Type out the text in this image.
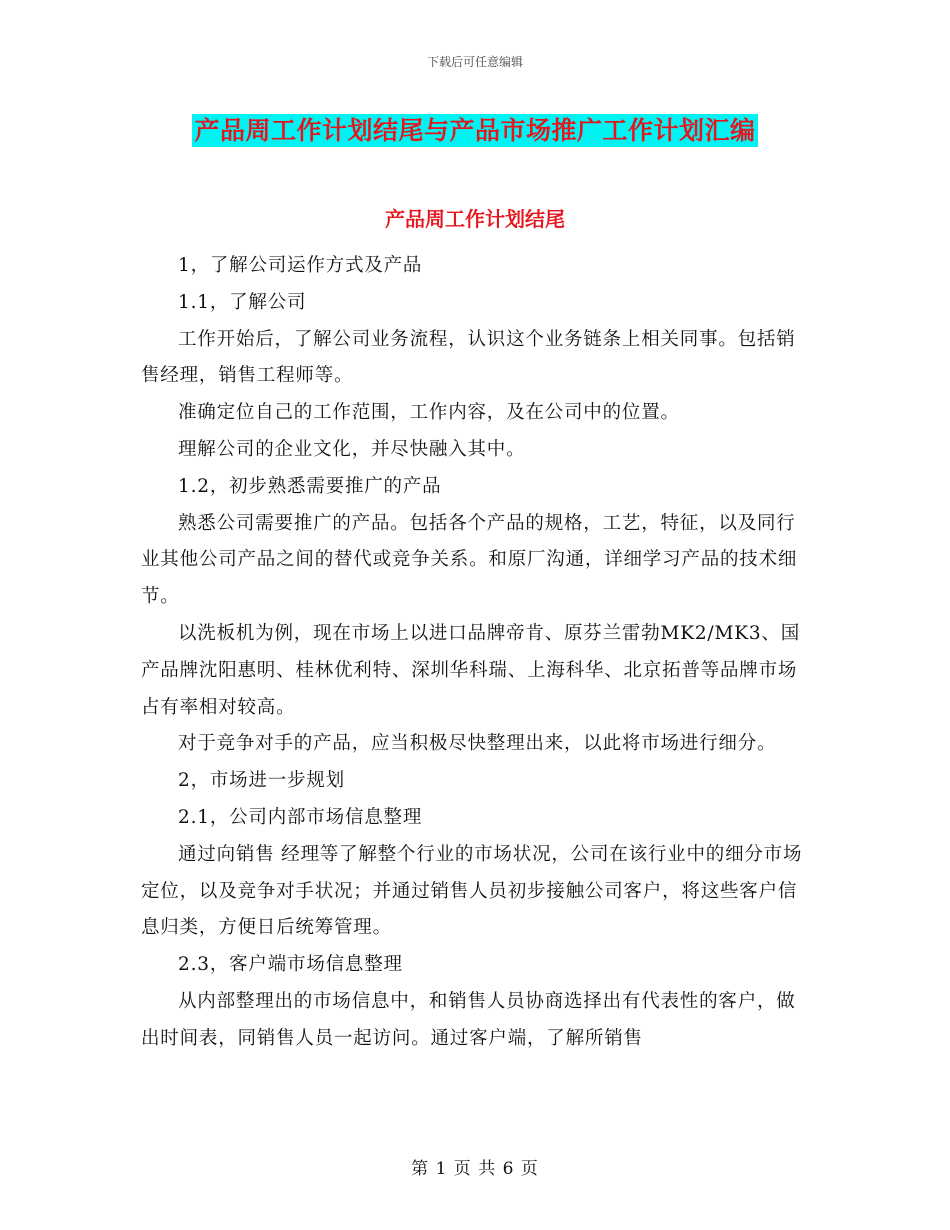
下载后可任意编辑
产品周工作计划结尾与产品市场推广工作计划汇编
产品周工作计划结尾

1，了解公司运作方式及产品

1.1，了解公司

工作开始后，了解公司业务流程，认识这个业务链条上相关同事。包括销售经理，销售工程师等。

准确定位自己的工作范围，工作内容，及在公司中的位置。

理解公司的企业文化，并尽快融入其中。

1.2，初步熟悉需要推广的产品

熟悉公司需要推广的产品。包括各个产品的规格，工艺，特征，以及同行业其他公司产品之间的替代或竞争关系。和原厂沟通，详细学习产品的技术细节。

以洗板机为例，现在市场上以进口品牌帝肯、原芬兰雷勃MK2/MK3、国产品牌沈阳惠明、桂林优利特、深圳华科瑞、上海科华、北京拓普等品牌市场占有率相对较高。

对于竞争对手的产品，应当积极尽快整理出来，以此将市场进行细分。

2，市场进一步规划

2.1，公司内部市场信息整理

通过向销售 经理等了解整个行业的市场状况，公司在该行业中的细分市场定位，以及竞争对手状况；并通过销售人员初步接触公司客户，将这些客户信息归类，方便日后统筹管理。

2.3，客户端市场信息整理

从内部整理出的市场信息中，和销售人员协商选择出有代表性的客户，做出时间表，同销售人员一起访问。通过客户端，了解所销售

第 1 页 共 6 页
